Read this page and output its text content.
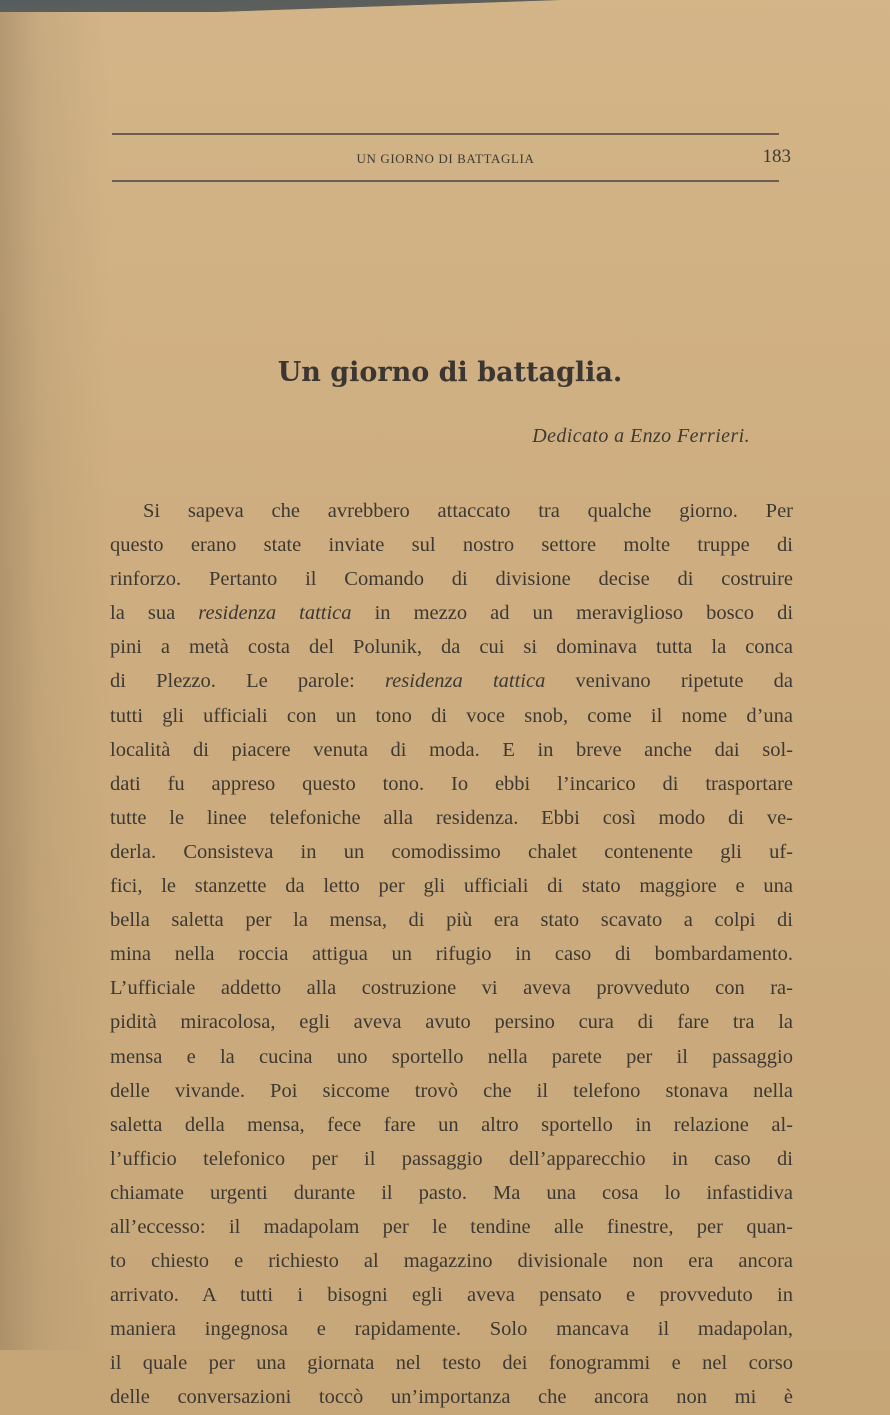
UN GIORNO DI BATTAGLIA	183
Un giorno di battaglia.
Dedicato a Enzo Ferrieri.
Si sapeva che avrebbero attaccato tra qualche giorno. Per
questo erano state inviate sul nostro settore molte truppe di
rinforzo. Pertanto il Comando di divisione decise di costruire
la sua residenza tattica in mezzo ad un meraviglioso bosco di
pini a metà costa del Polunik, da cui si dominava tutta la conca
di Plezzo. Le parole: residenza tattica venivano ripetute da
tutti gli ufficiali con un tono di voce snob, come il nome d’una
località di piacere venuta di moda. E in breve anche dai sol-
dati fu appreso questo tono. Io ebbi l’incarico di trasportare
tutte le linee telefoniche alla residenza. Ebbi così modo di ve-
derla. Consisteva in un comodissimo chalet contenente gli uf-
fici, le stanzette da letto per gli ufficiali di stato maggiore e una
bella saletta per la mensa, di più era stato scavato a colpi di
mina nella roccia attigua un rifugio in caso di bombardamento.
L’ufficiale addetto alla costruzione vi aveva provveduto con ra-
pidità miracolosa, egli aveva avuto persino cura di fare tra la
mensa e la cucina uno sportello nella parete per il passaggio
delle vivande. Poi siccome trovò che il telefono stonava nella
saletta della mensa, fece fare un altro sportello in relazione al-
l’ufficio telefonico per il passaggio dell’apparecchio in caso di
chiamate urgenti durante il pasto. Ma una cosa lo infastidiva
all’eccesso: il madapolam per le tendine alle finestre, per quan-
to chiesto e richiesto al magazzino divisionale non era ancora
arrivato. A tutti i bisogni egli aveva pensato e provveduto in
maniera ingegnosa e rapidamente. Solo mancava il madapolan,
il quale per una giornata nel testo dei fonogrammi e nel corso
delle conversazioni toccò un’importanza che ancora non mi è
